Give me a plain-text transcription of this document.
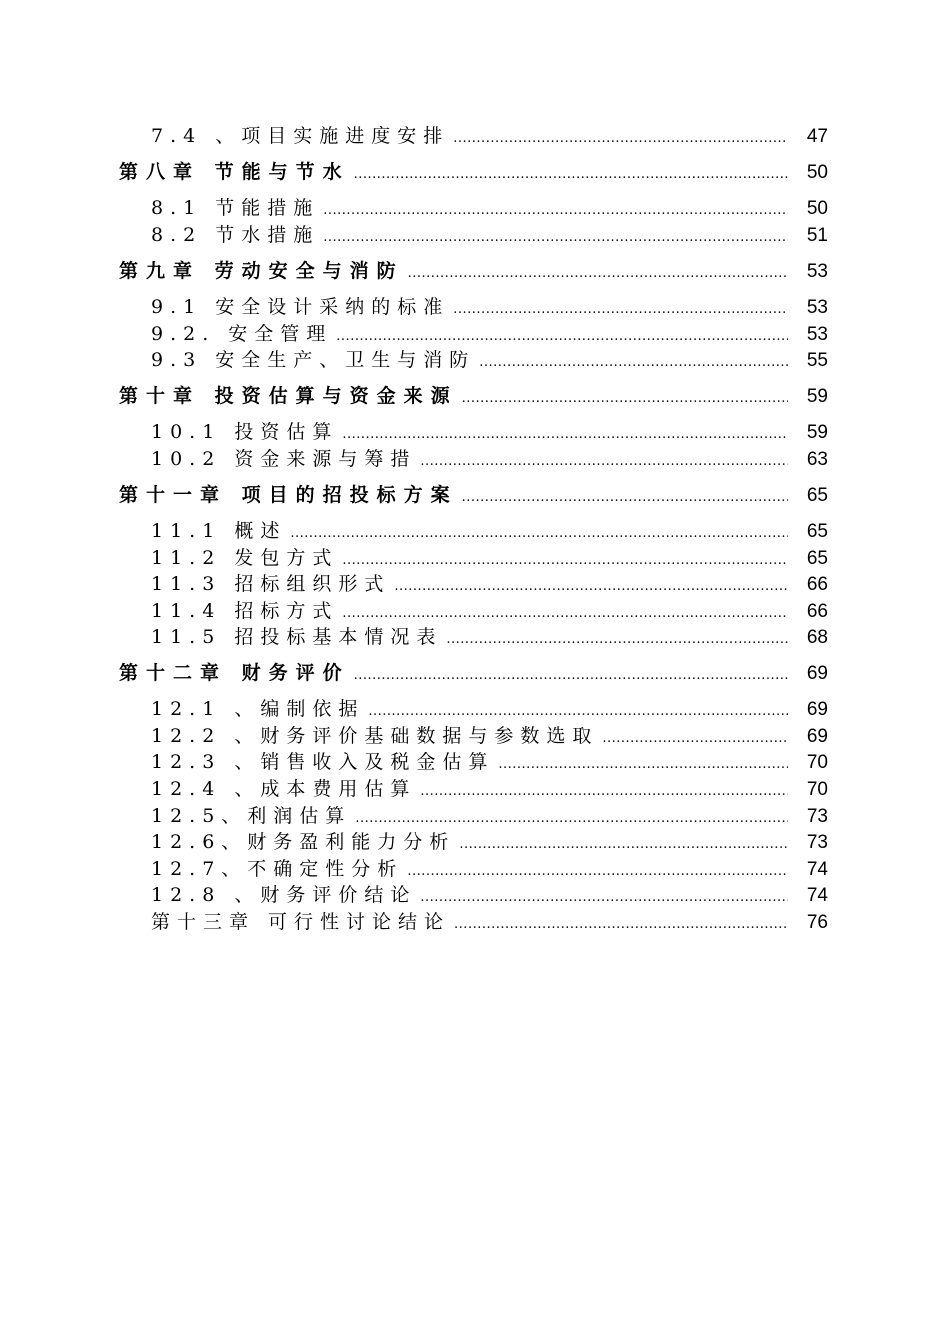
7.4 、项目实施进度安排 .....	47
第八章 节能与节水 .....	50
8.1 节能措施 .....	50
8.2 节水措施 .....	51
第九章 劳动安全与消防 .....	53
9.1 安全设计采纳的标准 .....	53
9.2. 安全管理 .....	53
9.3 安全生产、卫生与消防 .....	55
第十章 投资估算与资金来源 .....	59
10.1 投资估算 .....	59
10.2 资金来源与筹措 .....	63
第十一章 项目的招投标方案 .....	65
11.1 概述 .....	65
11.2 发包方式 .....	65
11.3 招标组织形式 .....	66
11.4 招标方式 .....	66
11.5 招投标基本情况表 .....	68
第十二章 财务评价 .....	69
12.1 、编制依据 .....	69
12.2 、财务评价基础数据与参数选取 .....	69
12.3 、销售收入及税金估算 .....	70
12.4 、成本费用估算 .....	70
12.5、利润估算 .....	73
12.6、财务盈利能力分析 .....	73
12.7、不确定性分析 .....	74
12.8 、财务评价结论 .....	74
第十三章 可行性讨论结论 .....	76
